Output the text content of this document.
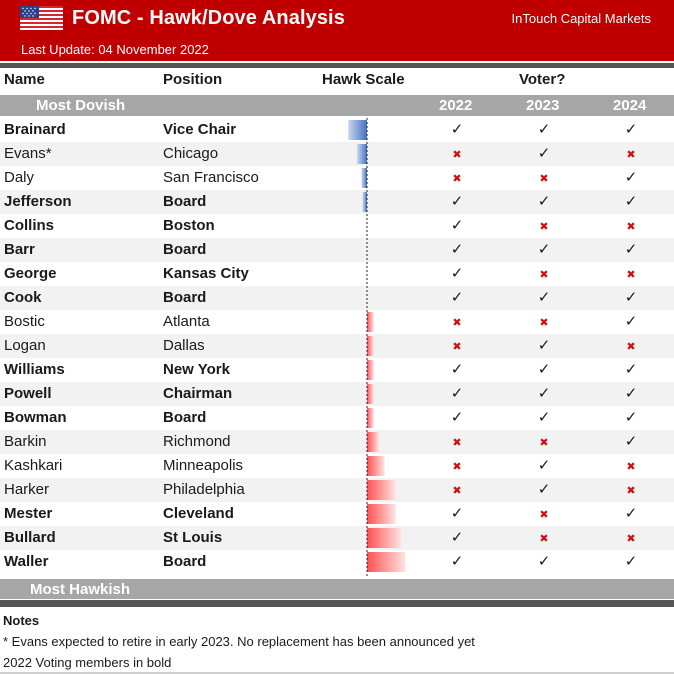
FOMC - Hawk/Dove Analysis	InTouch Capital Markets
Last Update: 04 November 2022
Name	Position	Hawk Scale	Voter?
Most Dovish	2022	2023	2024
Brainard	Vice Chair	✓	✓	✓
Evans*	Chicago	✖	✓	✖
Daly	San Francisco	✖	✖	✓
Jefferson	Board	✓	✓	✓
Collins	Boston	✓	✖	✖
Barr	Board	✓	✓	✓
George	Kansas City	✓	✖	✖
Cook	Board	✓	✓	✓
Bostic	Atlanta	✖	✖	✓
Logan	Dallas	✖	✓	✖
Williams	New York	✓	✓	✓
Powell	Chairman	✓	✓	✓
Bowman	Board	✓	✓	✓
Barkin	Richmond	✖	✖	✓
Kashkari	Minneapolis	✖	✓	✖
Harker	Philadelphia	✖	✓	✖
Mester	Cleveland	✓	✖	✓
Bullard	St Louis	✓	✖	✖
Waller	Board	✓	✓	✓
Most Hawkish
Notes
* Evans expected to retire in early 2023. No replacement has been announced yet
2022 Voting members in bold
